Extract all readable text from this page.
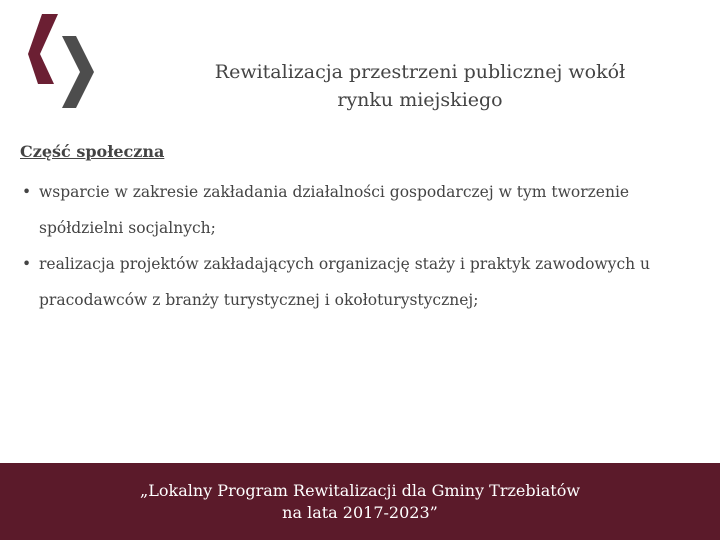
Rewitalizacja przestrzeni publicznej wokół
rynku miejskiego
Część społeczna
• wsparcie w zakresie zakładania działalności gospodarczej w tym tworzenie spółdzielni socjalnych;
• realizacja projektów zakładających organizację staży i praktyk zawodowych u pracodawców z branży turystycznej i okołoturystycznej;
„Lokalny Program Rewitalizacji dla Gminy Trzebiatów
na lata 2017-2023”
